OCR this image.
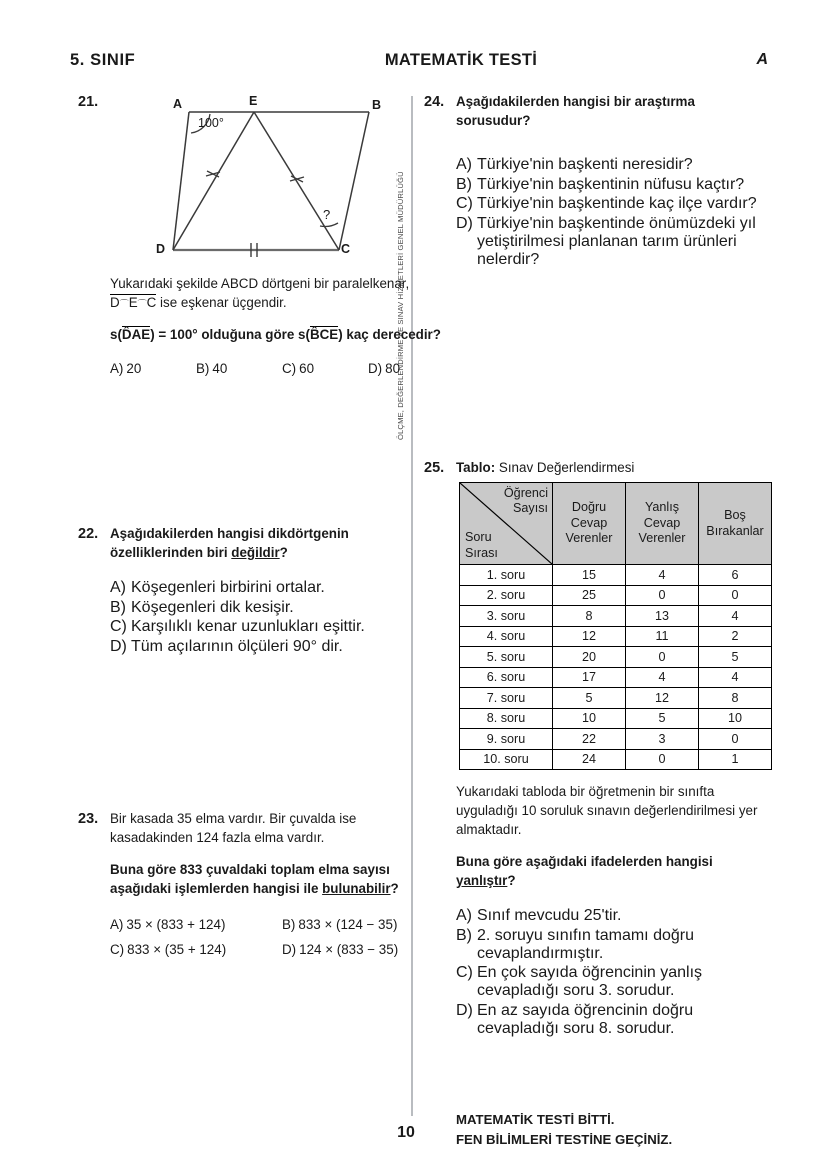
5. SINIF	MATEMATİK TESTİ	A
ÖLÇME, DEĞERLENDİRME VE SINAV HİZMETLERİ GENEL MÜDÜRLÜĞÜ
21.	A	E	B
D	C
100°
?
Yukarıdaki şekilde ABCD dörtgeni bir paralelkenar, D⌒E⌒C ise eşkenar üçgendir.
s(D̂AE) = 100° olduğuna göre s(B̂CE) kaç derecedir?
A) 20	B) 40	C) 60	D) 80
22. Aşağıdakilerden hangisi dikdörtgenin özelliklerinden biri değildir?
A) Köşegenleri birbirini ortalar.
B) Köşegenleri dik kesişir.
C) Karşılıklı kenar uzunlukları eşittir.
D) Tüm açılarının ölçüleri 90° dir.
23. Bir kasada 35 elma vardır. Bir çuvalda ise kasadakinden 124 fazla elma vardır.
Buna göre 833 çuvaldaki toplam elma sayısı aşağıdaki işlemlerden hangisi ile bulunabilir?
A) 35 × (833 + 124)	B) 833 × (124 − 35)
C) 833 × (35 + 124)	D) 124 × (833 − 35)
24. Aşağıdakilerden hangisi bir araştırma sorusudur?
A) Türkiye'nin başkenti neresidir?
B) Türkiye'nin başkentinin nüfusu kaçtır?
C) Türkiye'nin başkentinde kaç ilçe vardır?
D) Türkiye'nin başkentinde önümüzdeki yıl yetiştirilmesi planlanan tarım ürünleri nelerdir?
25. Tablo: Sınav Değerlendirmesi
Öğrenci
Sayısı
Soru
Sırası	Doğru
Cevap
Verenler	Yanlış
Cevap
Verenler	Boş
Bırakanlar
1. soru	15	4	6
2. soru	25	0	0
3. soru	8	13	4
4. soru	12	11	2
5. soru	20	0	5
6. soru	17	4	4
7. soru	5	12	8
8. soru	10	5	10
9. soru	22	3	0
10. soru	24	0	1
Yukarıdaki tabloda bir öğretmenin bir sınıfta uyguladığı 10 soruluk sınavın değerlendirilmesi yer almaktadır.
Buna göre aşağıdaki ifadelerden hangisi yanlıştır?
A) Sınıf mevcudu 25'tir.
B) 2. soruyu sınıfın tamamı doğru cevaplandırmıştır.
C) En çok sayıda öğrencinin yanlış cevapladığı soru 3. sorudur.
D) En az sayıda öğrencinin doğru cevapladığı soru 8. sorudur.
MATEMATİK TESTİ BİTTİ.
FEN BİLİMLERİ TESTİNE GEÇİNİZ.
10
